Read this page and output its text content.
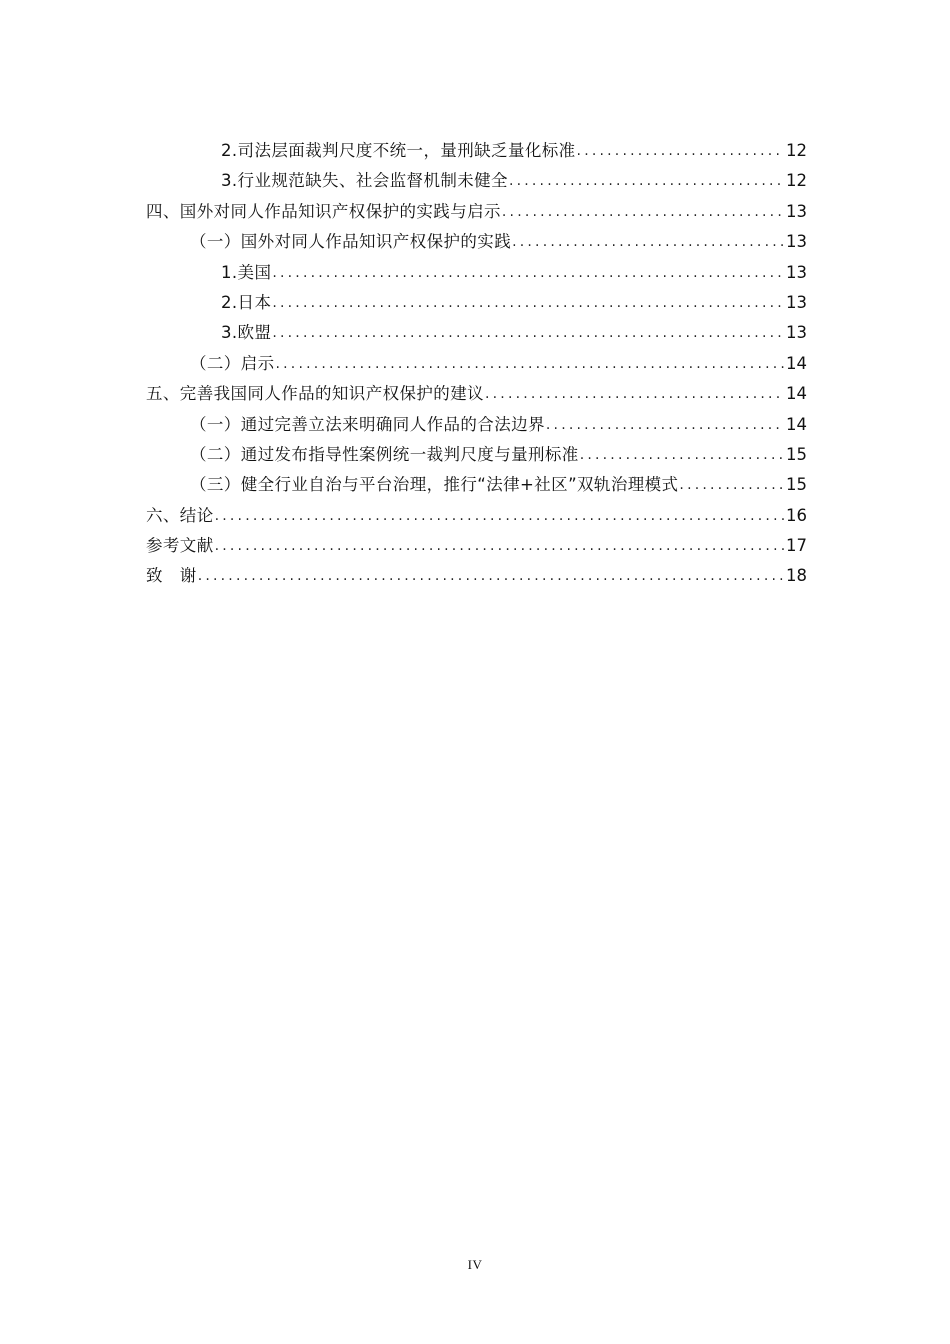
2.司法层面裁判尺度不统一，量刑缺乏量化标准 .....	12
3.行业规范缺失、社会监督机制未健全 .....	12
四、国外对同人作品知识产权保护的实践与启示 .....	13
（一）国外对同人作品知识产权保护的实践 .....	13
1.美国 .....	13
2.日本 .....	13
3.欧盟 .....	13
（二）启示 .....	14
五、完善我国同人作品的知识产权保护的建议 .....	14
（一）通过完善立法来明确同人作品的合法边界 .....	14
（二）通过发布指导性案例统一裁判尺度与量刑标准 .....	15
（三）健全行业自治与平台治理，推行“法律+社区”双轨治理模式 .....	15
六、结论 .....	16
参考文献 .....	17
致　谢 .....	18
IV
